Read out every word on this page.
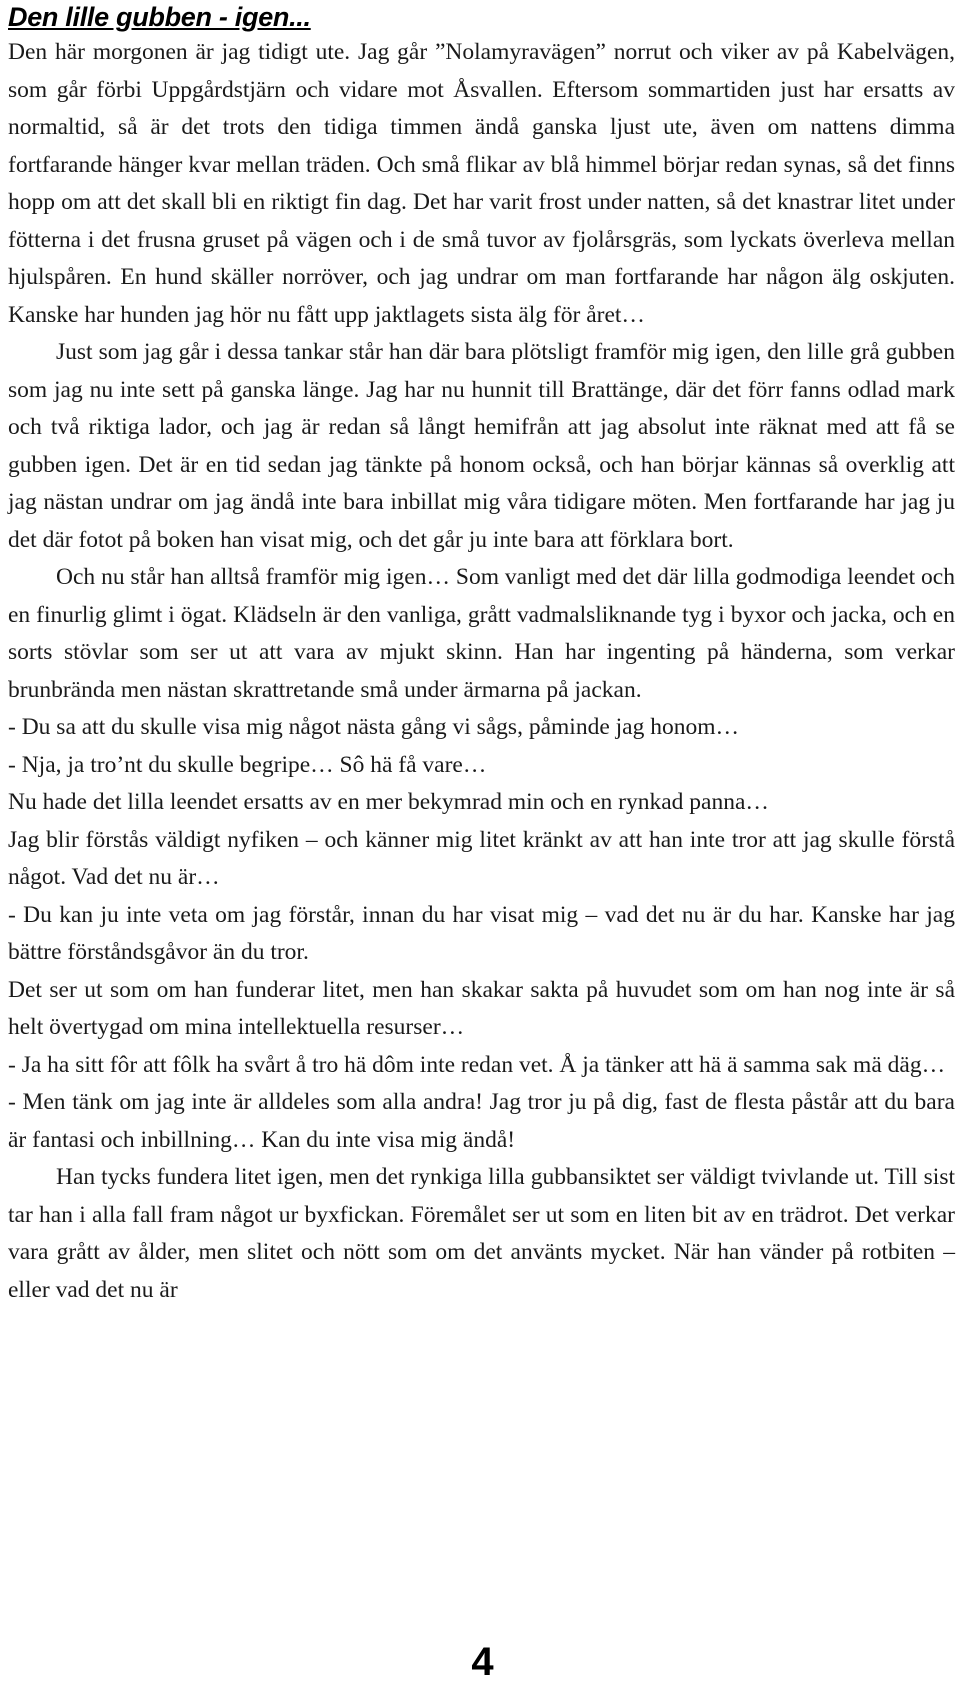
Den lille gubben - igen...

Den här morgonen är jag tidigt ute. Jag går ”Nolamyravägen” norrut och viker av på Kabelvägen, som går förbi Uppgårdstjärn och vidare mot Åsvallen. Eftersom sommartiden just har ersatts av normaltid, så är det trots den tidiga timmen ändå ganska ljust ute, även om nattens dimma fortfarande hänger kvar mellan träden. Och små flikar av blå himmel börjar redan synas, så det finns hopp om att det skall bli en riktigt fin dag. Det har varit frost under natten, så det knastrar litet under fötterna i det frusna gruset på vägen och i de små tuvor av fjolårsgräs, som lyckats överleva mellan hjulspåren. En hund skäller norröver, och jag undrar om man fortfarande har någon älg oskjuten. Kanske har hunden jag hör nu fått upp jaktlagets sista älg för året…

Just som jag går i dessa tankar står han där bara plötsligt framför mig igen, den lille grå gubben som jag nu inte sett på ganska länge. Jag har nu hunnit till Brattänge, där det förr fanns odlad mark och två riktiga lador, och jag är redan så långt hemifrån att jag absolut inte räknat med att få se gubben igen. Det är en tid sedan jag tänkte på honom också, och han börjar kännas så overklig att jag nästan undrar om jag ändå inte bara inbillat mig våra tidigare möten. Men fortfarande har jag ju det där fotot på boken han visat mig, och det går ju inte bara att förklara bort.

Och nu står han alltså framför mig igen… Som vanligt med det där lilla godmodiga leendet och en finurlig glimt i ögat. Klädseln är den vanliga, grått vadmalsliknande tyg i byxor och jacka, och en sorts stövlar som ser ut att vara av mjukt skinn. Han har ingenting på händerna, som verkar brunbrända men nästan skrattretande små under ärmarna på jackan.

- Du sa att du skulle visa mig något nästa gång vi sågs, påminde jag honom…

- Nja, ja tro’nt du skulle begripe… Sô hä få vare…

Nu hade det lilla leendet ersatts av en mer bekymrad min och en rynkad panna…

Jag blir förstås väldigt nyfiken – och känner mig litet kränkt av att han inte tror att jag skulle förstå något. Vad det nu är…

- Du kan ju inte veta om jag förstår, innan du har visat mig – vad det nu är du har. Kanske har jag bättre förståndsgåvor än du tror.

Det ser ut som om han funderar litet, men han skakar sakta på huvudet som om han nog inte är så helt övertygad om mina intellektuella resurser…

- Ja ha sitt fôr att fôlk ha svårt å tro hä dôm inte redan vet. Å ja tänker att hä ä samma sak mä däg…

- Men tänk om jag inte är alldeles som alla andra! Jag tror ju på dig, fast de flesta påstår att du bara är fantasi och inbillning… Kan du inte visa mig ändå!

Han tycks fundera litet igen, men det rynkiga lilla gubbansiktet ser väldigt tvivlande ut. Till sist tar han i alla fall fram något ur byxfickan. Föremålet ser ut som en liten bit av en trädrot. Det verkar vara grått av ålder, men slitet och nött som om det använts mycket. När han vänder på rotbiten – eller vad det nu är

4
